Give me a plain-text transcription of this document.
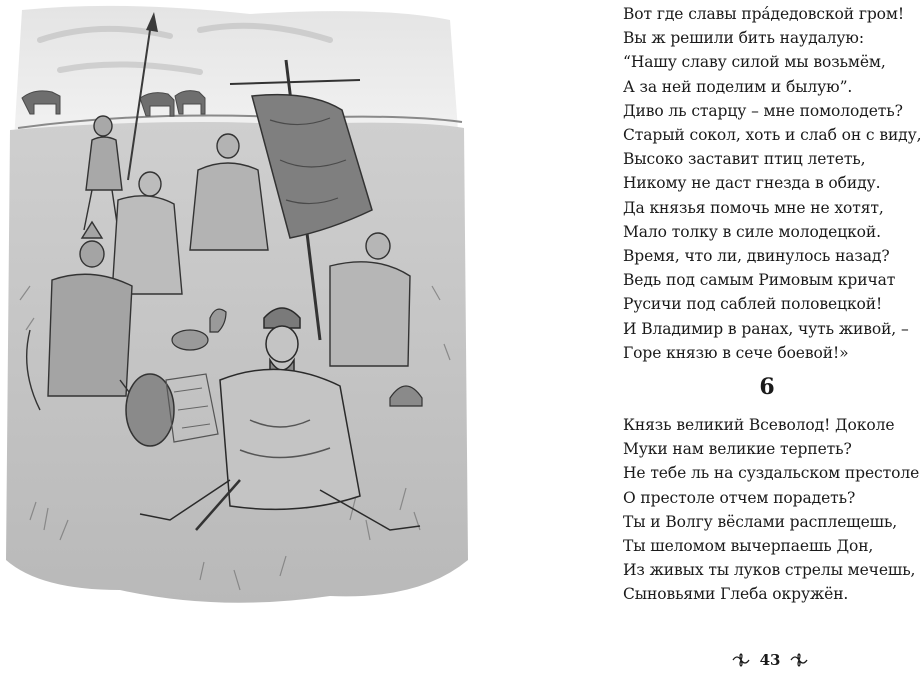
Вот где славы пра́дедовской гром!
Вы ж решили бить наудалую:
“Нашу славу силой мы возьмём,
А за ней поделим и былую”.
Диво ль старцу – мне помолодеть?
Старый сокол, хоть и слаб он с виду,
Высоко заставит птиц лететь,
Никому не даст гнезда в обиду.
Да князья помочь мне не хотят,
Мало толку в силе молодецкой.
Время, что ли, двинулось назад?
Ведь под самым Римовым кричат
Русичи под саблей половецкой!
И Владимир в ранах, чуть живой, –
Горе князю в сече боевой!»
Князь великий Всеволод! Доколе
Муки нам великие терпеть?
Не тебе ль на суздальском престоле
О престоле отчем порадеть?
Ты и Волгу вёслами расплещешь,
Ты шеломом вычерпаешь Дон,
Из живых ты луков стрелы мечешь,
Сыновьями Глеба окружён.
6
43
